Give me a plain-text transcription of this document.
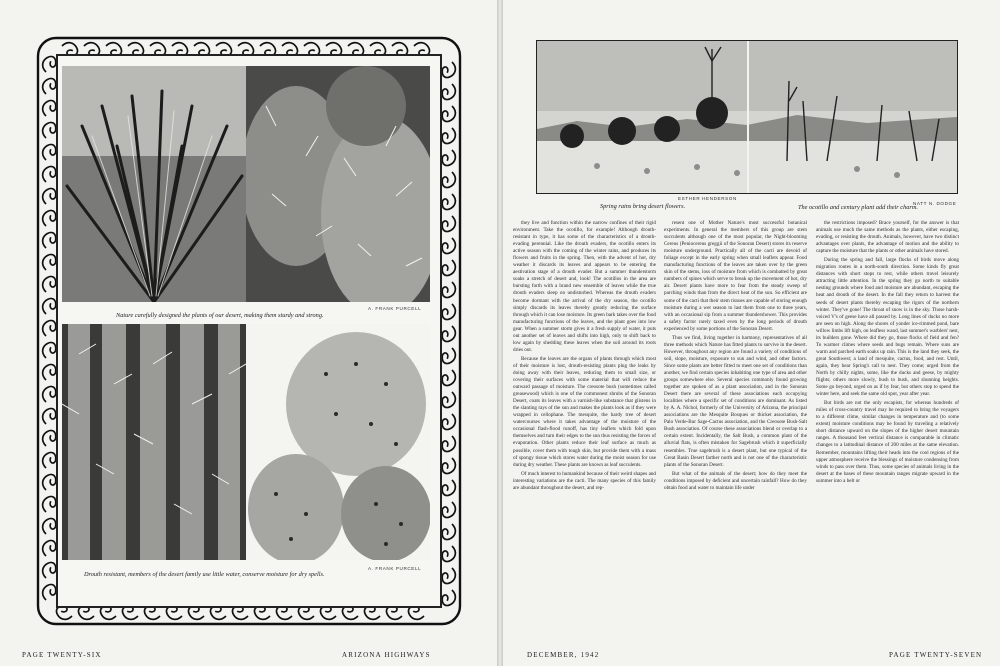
A. FRANK PURCELL
Nature carefully designed the plants of our desert, making them sturdy and strong.
A. FRANK PURCELL
Drouth resistant, members of the desert family use little water, conserve moisture for dry spells.
PAGE TWENTY-SIX	ARIZONA HIGHWAYS
ESTHER HENDERSON
NATT N. DODGE
Spring rains bring desert flowers.	The ocotillo and century plant add their charm.

they live and function within the narrow confines of their rigid environment. Take the ocotillo, for example! Although drouth-resistant in type, it has some of the characteristics of a drouth-evading perennial. Like the drouth evaders, the ocotillo enters its active season with the coming of the winter rains, and produces its flowers and fruits in the spring. Then, with the advent of hot, dry weather it discards its leaves and appears to be entering the aestivation stage of a drouth evader. But a summer thunderstorm soaks a stretch of desert and, look! The ocotillos in the area are bursting forth with a brand new ensemble of leaves while the true drouth evaders sleep on undisturbed. Whereas the drouth evaders become dormant with the arrival of the dry season, the ocotillo simply discards its leaves thereby greatly reducing the surface through which it can lose moisture. Its green bark takes over the food manufacturing functions of the leaves, and the plant goes into low gear. When a summer storm gives it a fresh supply of water, it puts out another set of leaves and shifts into high, only to shift back to low again by shedding these leaves when the soil around its roots dries out.

Because the leaves are the organs of plants through which most of their moisture is lost, drouth-resisting plants plug the leaks by doing away with their leaves, reducing them to small size, or covering their surfaces with some material that will reduce the outward passage of moisture. The creosote bush (sometimes called greasewood) which is one of the commonest shrubs of the Sonoran Desert, coats its leaves with a varnish-like substance that glistens in the slanting rays of the sun and makes the plants look as if they were wrapped in cellophane. The mesquite, the hardy tree of desert watercourses where it takes advantage of the moisture of the occasional flash-flood runoff, has tiny leaflets which fold upon themselves and turn their edges to the sun thus resisting the forces of evaporation. Other plants reduce their leaf surface as much as possible, cover them with tough skin, but provide them with a mass of spongy tissue which stores water during the moist season for use during dry weather. These plants are known as leaf succulents.

Of much interest to humankind because of their weird shapes and interesting variations are the cacti. The many species of this family are abundant throughout the desert, and rep-

resent one of Mother Nature's most successful botanical experiments. In general the members of this group are stem succulents although one of the most popular, the Night-blooming Cereus (Peniocereus greggii of the Sonoran Desert) stores its reserve moisture underground. Practically all of the cacti are devoid of foliage except in the early spring when small leaflets appear. Food manufacturing functions of the leaves are taken over by the green skin of the stems, loss of moisture from which is combatted by great numbers of spines which serve to break up the movement of hot, dry air. Desert plants have more to fear from the steady sweep of parching winds than from the direct heat of the sun. So efficient are some of the cacti that their stem tissues are capable of storing enough moisture during a wet season to last them from one to three years, with an occasional sip from a summer thundershower. This provides a safety factor rarely taxed even by the long periods of drouth experienced by some portions of the Sonoran Desert.

Thus we find, living together in harmony, representatives of all three methods which Nature has fitted plants to survive in the desert. However, throughout any region are found a variety of conditions of soil, slope, moisture, exposure to sun and wind, and other factors. Since some plants are better fitted to meet one set of conditions than another, we find certain species inhabiting one type of area and other groups somewhere else. Several species commonly found growing together are spoken of as a plant association, and in the Sonoran Desert there are several of these associations each occupying localities where a specific set of conditions are dominant. As listed by A. A. Nichol, formerly of the University of Arizona, the principal associations are the Mesquite Bosques or thicket association, the Palo Verde-Bur Sage-Cactus association, and the Creosote Bush-Salt Bush association. Of course these associations blend or overlap to a certain extent. Incidentally, the Salt Bush, a common plant of the alluvial flats, is often mistaken for Sagebrush which it superficially resembles. True sagebrush is a desert plant, but one typical of the Great Basin Desert farther north and is not one of the characteristic plants of the Sonoran Desert.

But what of the animals of the desert; how do they meet the conditions imposed by deficient and uncertain rainfall? How do they obtain food and water to maintain life under

the restrictions imposed? Brace yourself, for the answer is that animals use much the same methods as the plants, either escaping, evading, or resisting the drouth. Animals, however, have two distinct advantages over plants, the advantage of motion and the ability to capture the moisture that the plants or other animals have stored.

During the spring and fall, large flocks of birds move along migration routes in a north-south direction. Some kinds fly great distances with short stops to rest, while others travel leisurely attracting little attention. In the spring they go north to suitable nesting grounds where food and moisture are abundant, escaping the heat and drouth of the desert. In the fall they return to harvest the seeds of desert plants thereby escaping the rigors of the northern winter. They've gone! The throat of snow is in the sky. Those harsh-voiced V's of geese have all passed by. Long lines of ducks no more are seen on high. Along the shores of yonder ice-rimmed pond, bare willow limbs lift high, on leafless wand, last summer's warblers' nest, its builders gone. Where did they go, those flocks of field and fen? To warmer climes where seeds and bugs remain. Where suns are warm and parched earth soaks up rain. This is the land they seek, the great Southwest; a land of mesquite, cactus, food, and rest. Until, again, they hear Spring's call to nest. They come; urged from the North by chilly nights, some, like the ducks and geese, by mighty flights; others more slowly, bush to bush, and shunning heights. Some go beyond, urged on as if by fear, but others stop to spend the winter here, and seek the same old spot, year after year.

But birds are not the only escapists, for whereas hundreds of miles of cross-country travel may be required to bring the voyagers to a different clime, similar changes in temperature and (to some extent) moisture conditions may be found by traveling a relatively short distance upward on the slopes of the higher desert mountain ranges. A thousand feet vertical distance is comparable in climatic changes to a latitudinal distance of 200 miles at the same elevation. Remember, mountains lifting their heads into the cool regions of the upper atmosphere receive the blessings of moisture condensing from winds to pass over them. Thus, some species of animals living in the desert at the bases of these mountain ranges migrate upward in the summer into a belt or

DECEMBER, 1942	PAGE TWENTY-SEVEN
